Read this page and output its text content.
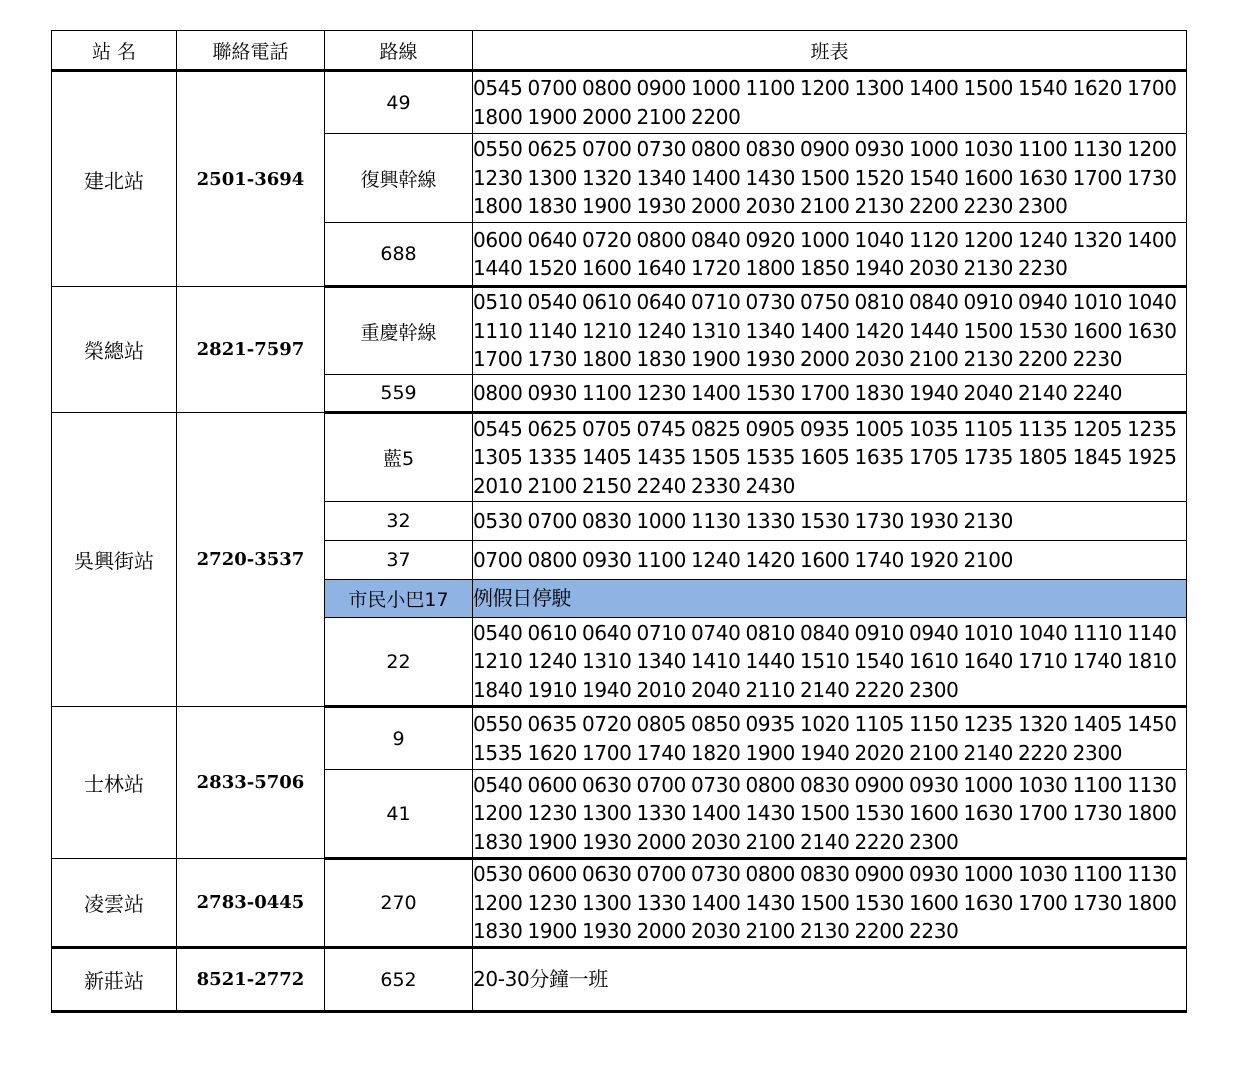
站 名	聯絡電話	路線	班表
建北站	2501-3694	49	0545 0700 0800 0900 1000 1100 1200 1300 1400 1500 1540 1620 1700
1800 1900 2000 2100 2200
		復興幹線	0550 0625 0700 0730 0800 0830 0900 0930 1000 1030 1100 1130 1200
1230 1300 1320 1340 1400 1430 1500 1520 1540 1600 1630 1700 1730
1800 1830 1900 1930 2000 2030 2100 2130 2200 2230 2300
		688	0600 0640 0720 0800 0840 0920 1000 1040 1120 1200 1240 1320 1400
1440 1520 1600 1640 1720 1800 1850 1940 2030 2130 2230
榮總站	2821-7597	重慶幹線	0510 0540 0610 0640 0710 0730 0750 0810 0840 0910 0940 1010 1040
1110 1140 1210 1240 1310 1340 1400 1420 1440 1500 1530 1600 1630
1700 1730 1800 1830 1900 1930 2000 2030 2100 2130 2200 2230
		559	0800 0930 1100 1230 1400 1530 1700 1830 1940 2040 2140 2240
吳興街站	2720-3537	藍5	0545 0625 0705 0745 0825 0905 0935 1005 1035 1105 1135 1205 1235
1305 1335 1405 1435 1505 1535 1605 1635 1705 1735 1805 1845 1925
2010 2100 2150 2240 2330 2430
		32	0530 0700 0830 1000 1130 1330 1530 1730 1930 2130
		37	0700 0800 0930 1100 1240 1420 1600 1740 1920 2100
		市民小巴17	例假日停駛
		22	0540 0610 0640 0710 0740 0810 0840 0910 0940 1010 1040 1110 1140
1210 1240 1310 1340 1410 1440 1510 1540 1610 1640 1710 1740 1810
1840 1910 1940 2010 2040 2110 2140 2220 2300
士林站	2833-5706	9	0550 0635 0720 0805 0850 0935 1020 1105 1150 1235 1320 1405 1450
1535 1620 1700 1740 1820 1900 1940 2020 2100 2140 2220 2300
		41	0540 0600 0630 0700 0730 0800 0830 0900 0930 1000 1030 1100 1130
1200 1230 1300 1330 1400 1430 1500 1530 1600 1630 1700 1730 1800
1830 1900 1930 2000 2030 2100 2140 2220 2300
凌雲站	2783-0445	270	0530 0600 0630 0700 0730 0800 0830 0900 0930 1000 1030 1100 1130
1200 1230 1300 1330 1400 1430 1500 1530 1600 1630 1700 1730 1800
1830 1900 1930 2000 2030 2100 2130 2200 2230
新莊站	8521-2772	652	20-30分鐘一班
